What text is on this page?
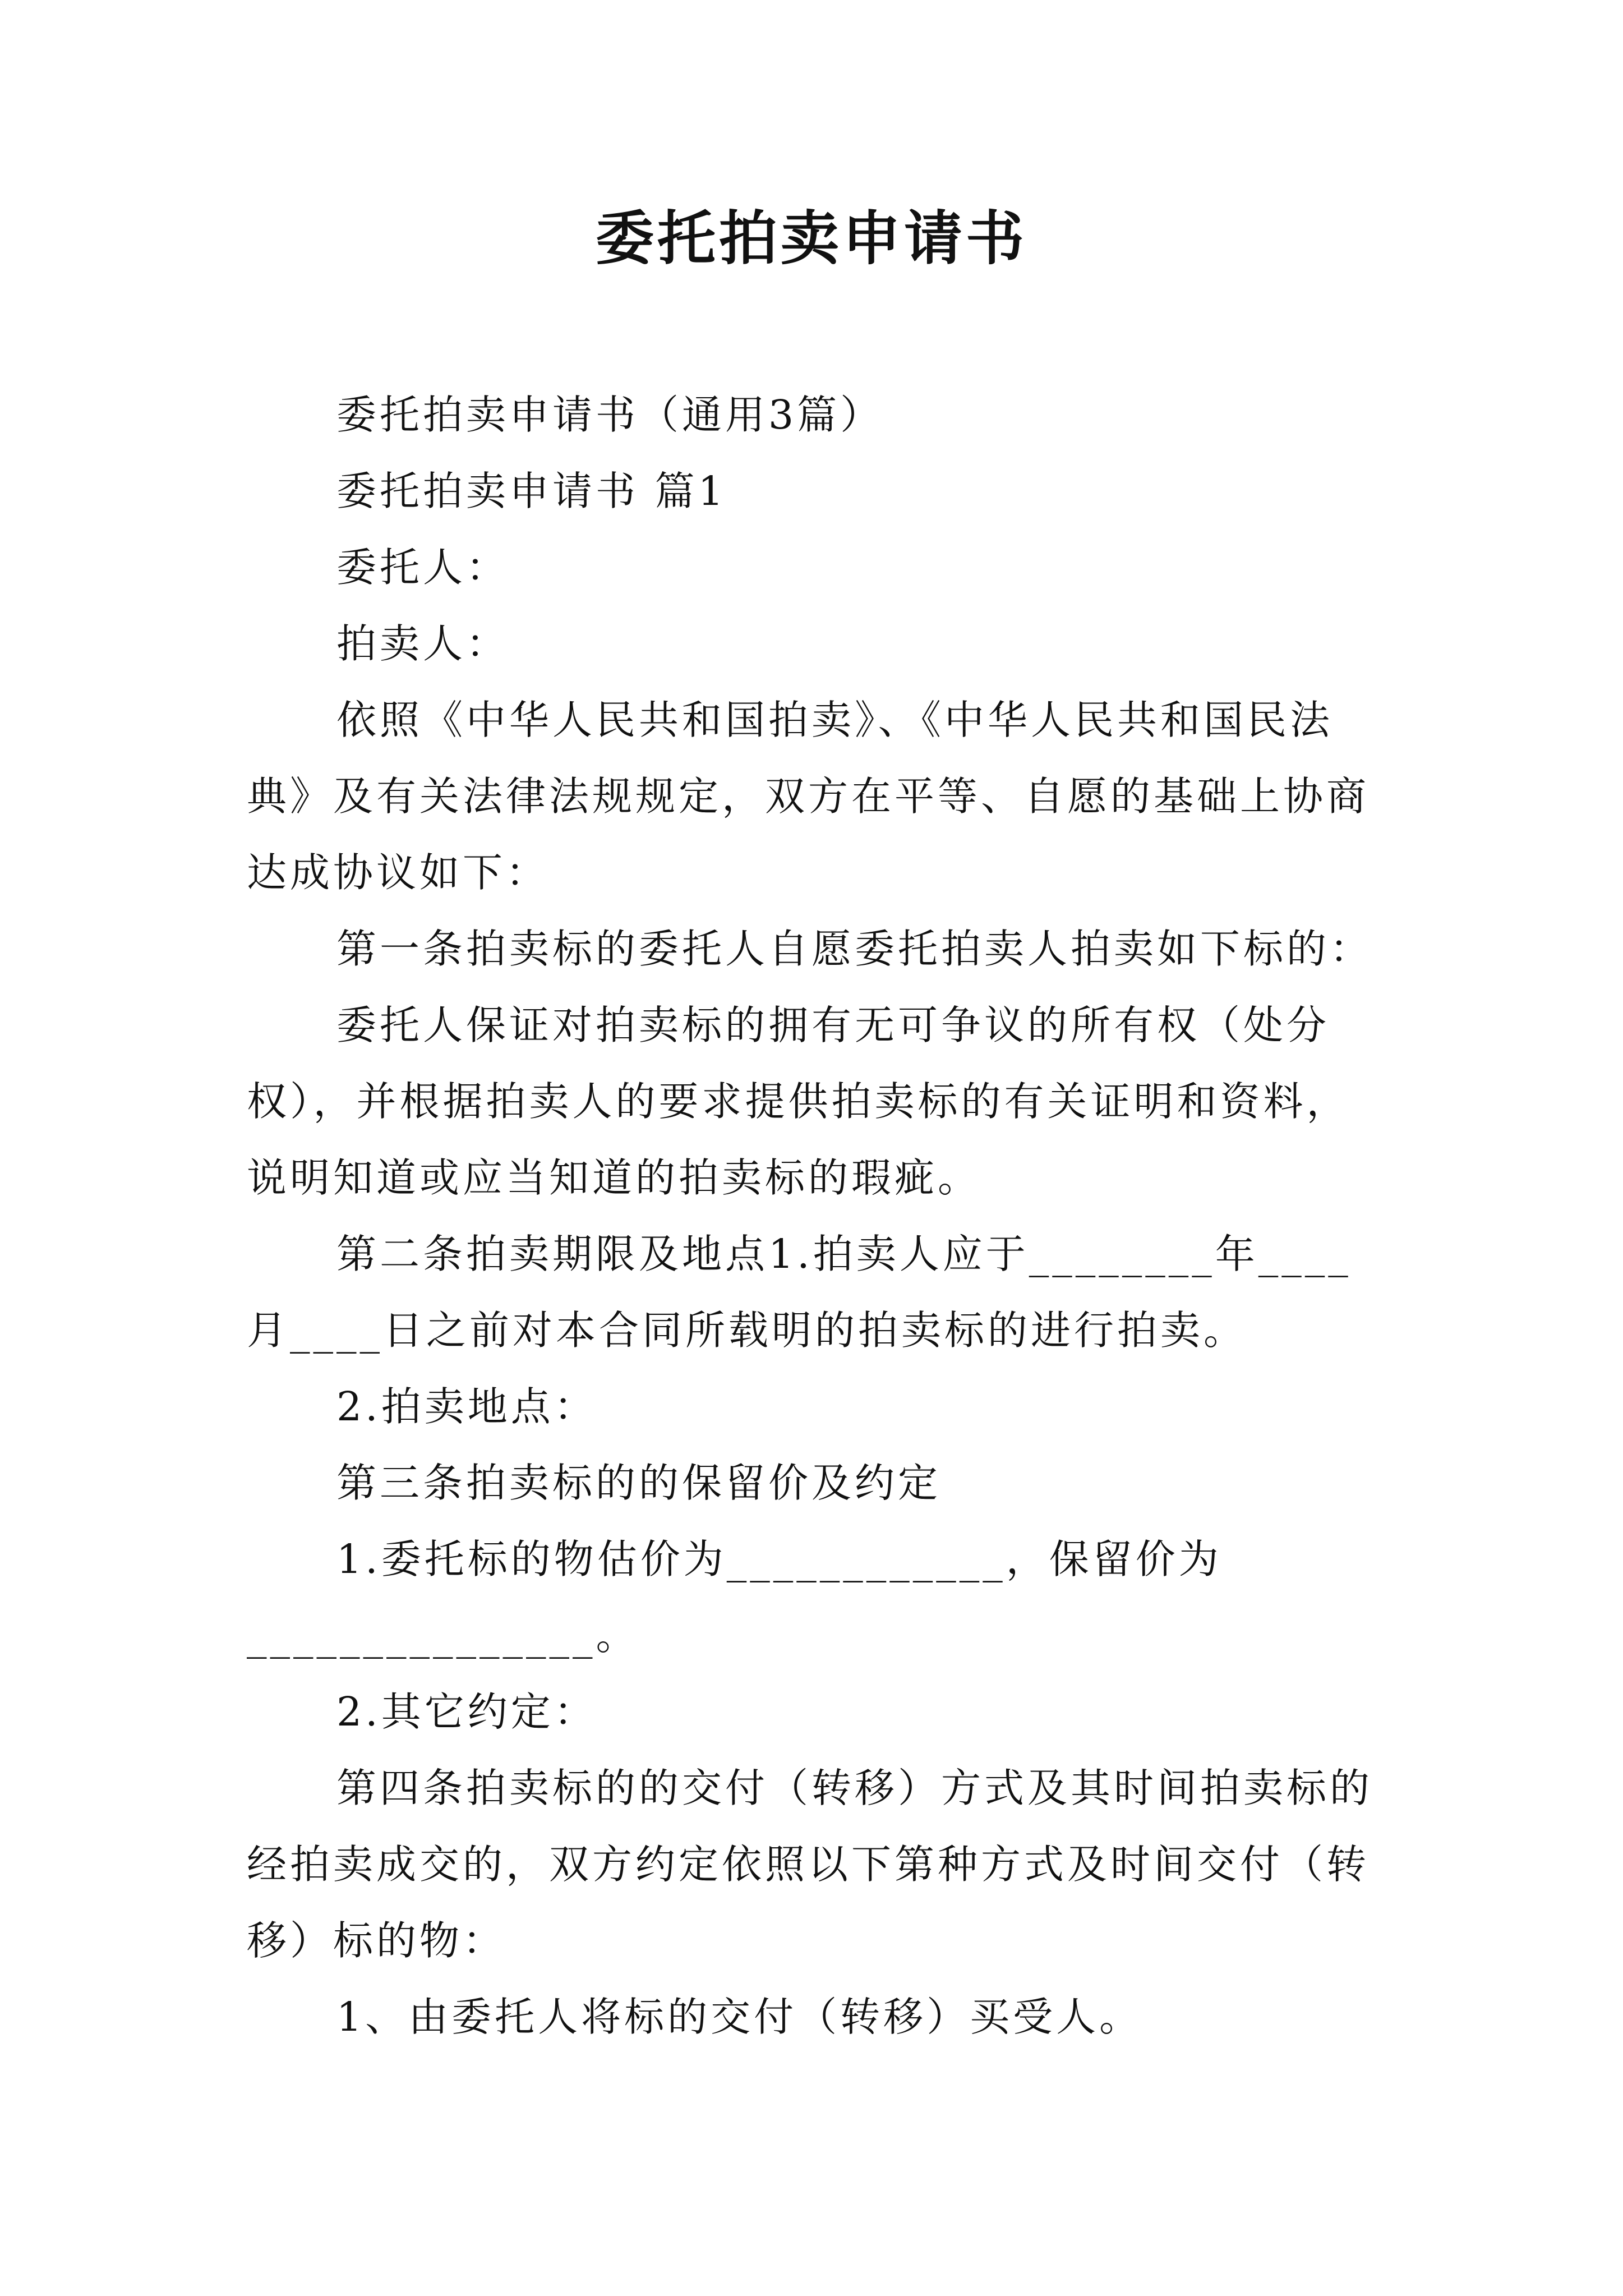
委托拍卖申请书

委托拍卖申请书（通用3篇）

委托拍卖申请书 篇1

委托人：

拍卖人：

依照《中华人民共和国拍卖》、《中华人民共和国民法典》及有关法律法规规定，双方在平等、自愿的基础上协商达成协议如下：

第一条拍卖标的委托人自愿委托拍卖人拍卖如下标的：

委托人保证对拍卖标的拥有无可争议的所有权（处分权），并根据拍卖人的要求提供拍卖标的有关证明和资料，说明知道或应当知道的拍卖标的瑕疵。

第二条拍卖期限及地点1.拍卖人应于________年____月____日之前对本合同所载明的拍卖标的进行拍卖。

2.拍卖地点：

第三条拍卖标的的保留价及约定

1.委托标的物估价为____________，保留价为_______________。

2.其它约定：

第四条拍卖标的的交付（转移）方式及其时间拍卖标的经拍卖成交的，双方约定依照以下第种方式及时间交付（转移）标的物：

1、由委托人将标的交付（转移）买受人。
